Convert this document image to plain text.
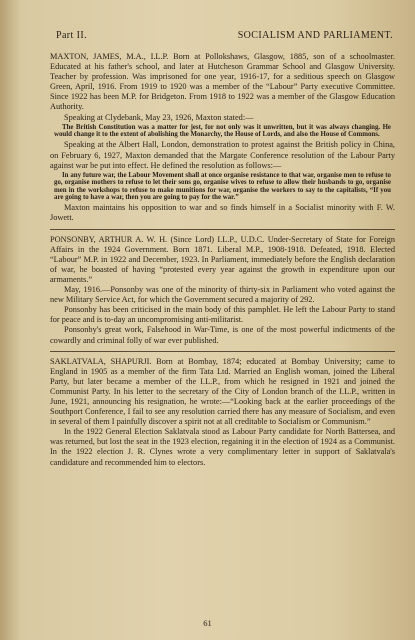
Part II.	SOCIALISM AND PARLIAMENT.

MAXTON, JAMES, M.A., I.L.P. Born at Pollokshaws, Glasgow, 1885, son of a schoolmaster. Educated at his father's school, and later at Hutcheson Grammar School and Glasgow University. Teacher by profession. Was imprisoned for one year, 1916-17, for a seditious speech on Glasgow Green, April, 1916. From 1919 to 1920 was a member of the “Labour” Party executive Committee. Since 1922 has been M.P. for Bridgeton. From 1918 to 1922 was a member of the Glasgow Education Authority.

Speaking at Clydebank, May 23, 1926, Maxton stated:—

The British Constitution was a matter for jest, for not only was it unwritten, but it was always changing. He would change it to the extent of abolishing the Monarchy, the House of Lords, and also the House of Commons.

Speaking at the Albert Hall, London, demonstration to protest against the British policy in China, on February 6, 1927, Maxton demanded that the Margate Conference resolution of the Labour Party against war be put into effect. He defined the resolution as follows:—

In any future war, the Labour Movement shall at once organise resistance to that war, organise men to refuse to go, organise mothers to refuse to let their sons go, organise wives to refuse to allow their husbands to go, organise men in the workshops to refuse to make munitions for war, organise the workers to say to the capitalists, “If you are going to have a war, then you are going to pay for the war.”

Maxton maintains his opposition to war and so finds himself in a Socialist minority with F. W. Jowett.

PONSONBY, ARTHUR A. W. H. (Since Lord) I.L.P., U.D.C. Under-Secretary of State for Foreign Affairs in the 1924 Government. Born 1871. Liberal M.P., 1908-1918. Defeated, 1918. Elected “Labour” M.P. in 1922 and December, 1923. In Parliament, immediately before the English declaration of war, he boasted of having “protested every year against the growth in expenditure upon our armaments.”

May, 1916.—Ponsonby was one of the minority of thirty-six in Parliament who voted against the new Military Service Act, for which the Government secured a majority of 292.

Ponsonby has been criticised in the main body of this pamphlet. He left the Labour Party to stand for peace and is to-day an uncompromising anti-militarist.

Ponsonby's great work, Falsehood in War-Time, is one of the most powerful indictments of the cowardly and criminal folly of war ever published.

SAKLATVALA, SHAPURJI. Born at Bombay, 1874; educated at Bombay University; came to England in 1905 as a member of the firm Tata Ltd. Married an English woman, joined the Liberal Party, but later became a member of the I.L.P., from which he resigned in 1921 and joined the Communist Party. In his letter to the secretary of the City of London branch of the I.L.P., written in June, 1921, announcing his resignation, he wrote:—“Looking back at the earlier proceedings of the Southport Conference, I fail to see any resolution carried there has any measure of Socialism, and even in several of them I painfully discover a spirit not at all creditable to Socialism or Communism.”

In the 1922 General Election Saklatvala stood as Labour Party candidate for North Battersea, and was returned, but lost the seat in the 1923 election, regaining it in the election of 1924 as a Communist. In the 1922 election J. R. Clynes wrote a very complimentary letter in support of Saklatvala's candidature and recommended him to electors.

61
